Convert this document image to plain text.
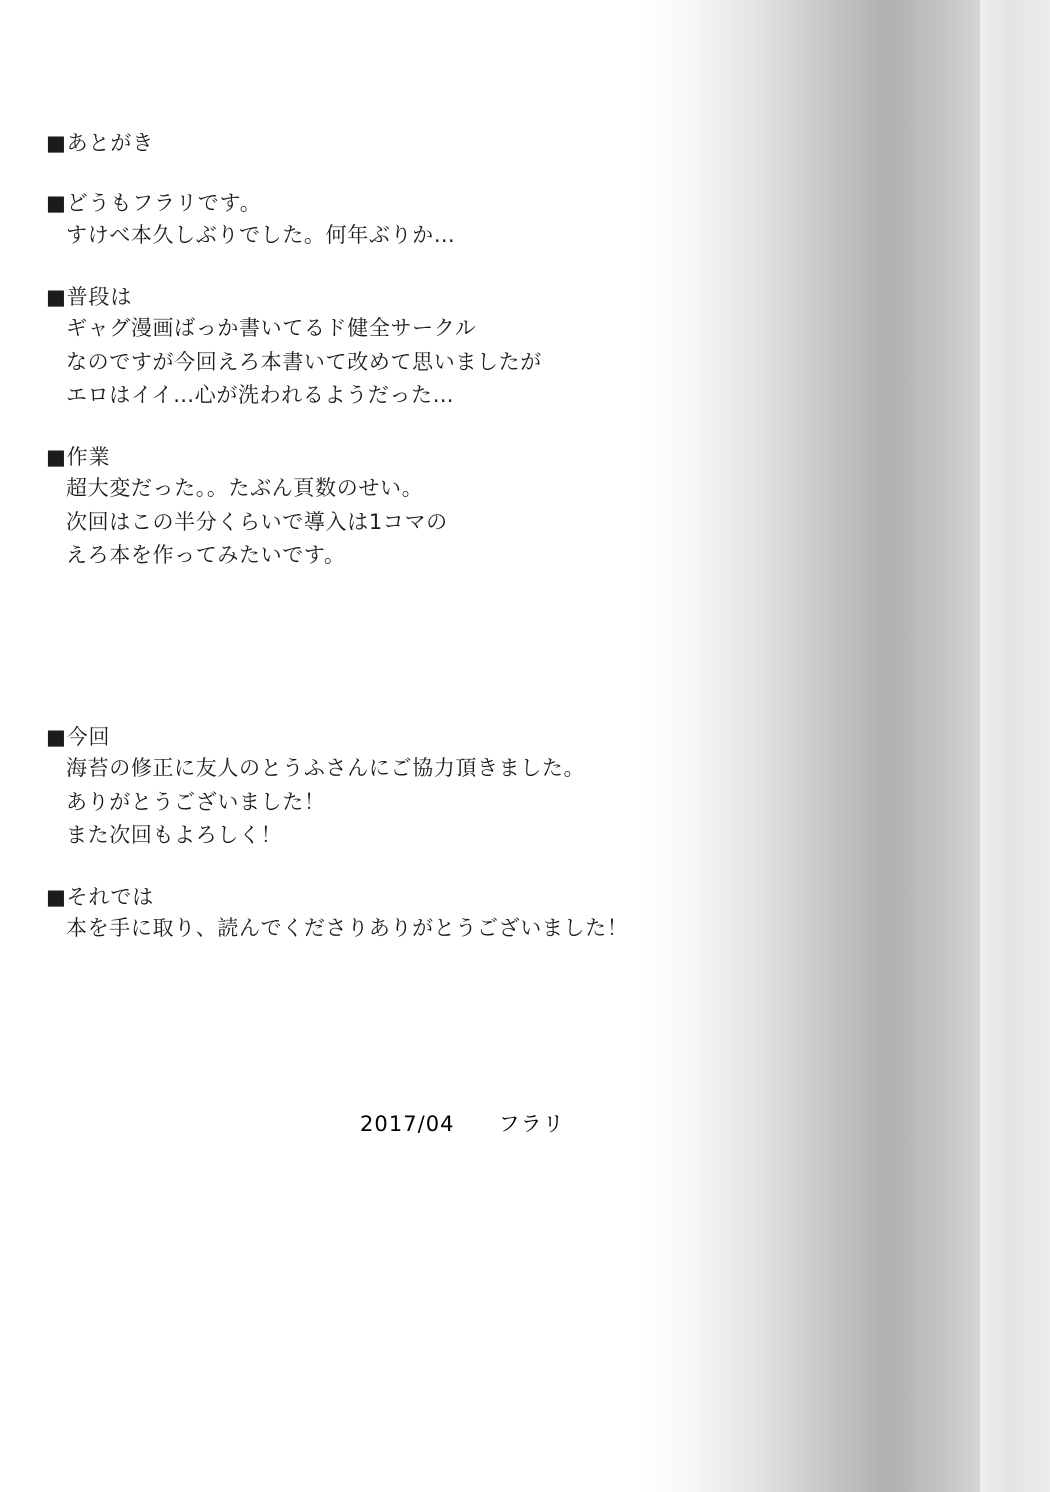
■あとがき
■どうもフラリです。
すけべ本久しぶりでした。何年ぶりか…
■普段は
ギャグ漫画ばっか書いてるド健全サークル
なのですが今回えろ本書いて改めて思いましたが
エロはイイ…心が洗われるようだった…
■作業
超大変だった。。たぶん頁数のせい。
次回はこの半分くらいで導入は1コマの
えろ本を作ってみたいです。
■今回
海苔の修正に友人のとうふさんにご協力頂きました。
ありがとうございました！
また次回もよろしく！
■それでは
本を手に取り、読んでくださりありがとうございました！
2017/04 フラリ
